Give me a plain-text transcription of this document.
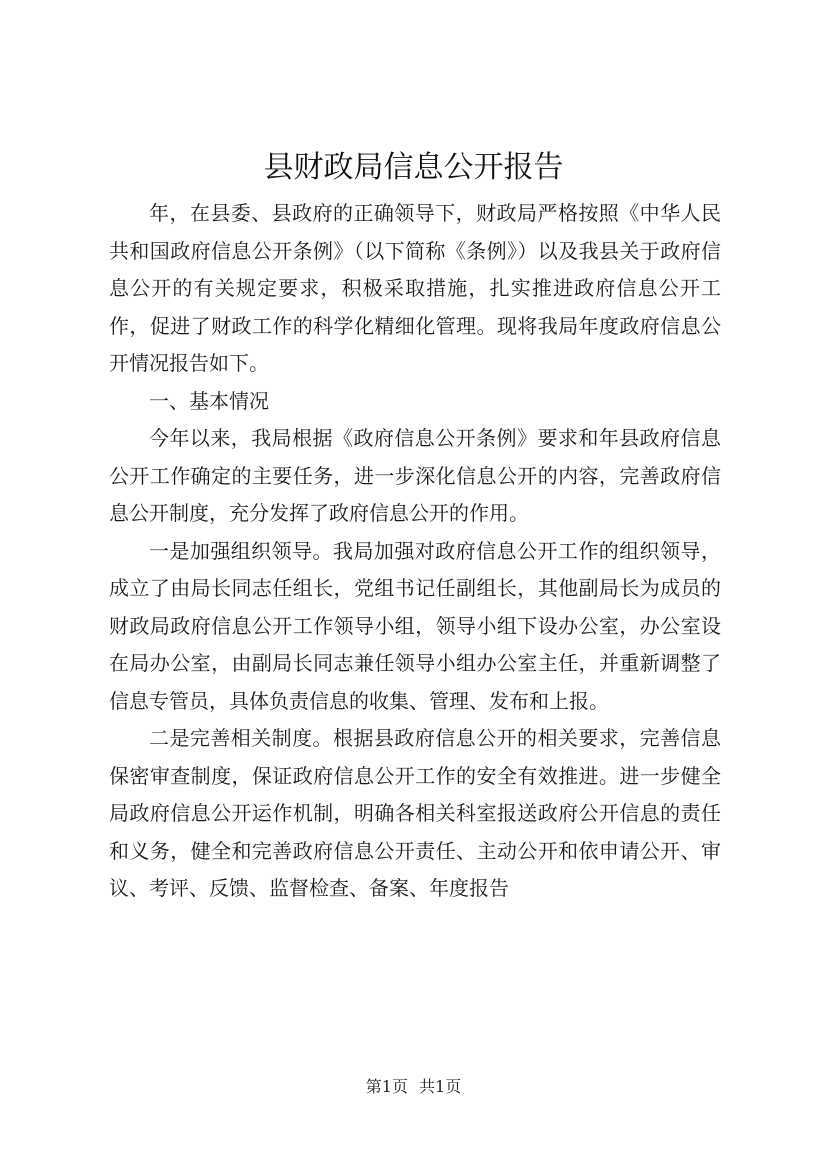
县财政局信息公开报告

年，在县委、县政府的正确领导下，财政局严格按照《中华人民共和国政府信息公开条例》（以下简称《条例》）以及我县关于政府信息公开的有关规定要求，积极采取措施，扎实推进政府信息公开工作，促进了财政工作的科学化精细化管理。现将我局年度政府信息公开情况报告如下。

一、基本情况

今年以来，我局根据《政府信息公开条例》要求和年县政府信息公开工作确定的主要任务，进一步深化信息公开的内容，完善政府信息公开制度，充分发挥了政府信息公开的作用。

一是加强组织领导。我局加强对政府信息公开工作的组织领导，成立了由局长同志任组长，党组书记任副组长，其他副局长为成员的财政局政府信息公开工作领导小组，领导小组下设办公室，办公室设在局办公室，由副局长同志兼任领导小组办公室主任，并重新调整了信息专管员，具体负责信息的收集、管理、发布和上报。

二是完善相关制度。根据县政府信息公开的相关要求，完善信息保密审查制度，保证政府信息公开工作的安全有效推进。进一步健全局政府信息公开运作机制，明确各相关科室报送政府公开信息的责任和义务，健全和完善政府信息公开责任、主动公开和依申请公开、审议、考评、反馈、监督检查、备案、年度报告

第1页 共1页
